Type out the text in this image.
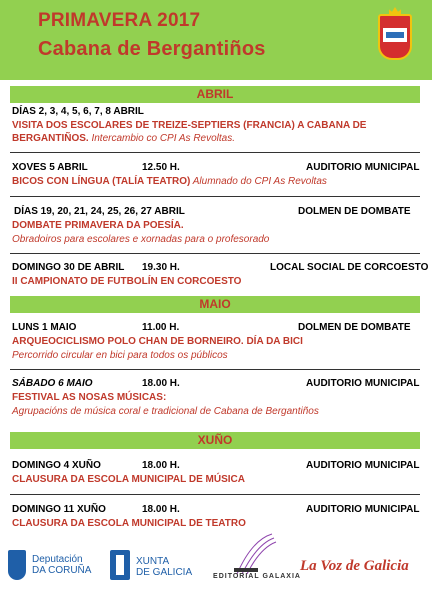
PRIMAVERA 2017
Cabana de Bergantiños
ABRIL
DÍAS 2, 3, 4, 5, 6, 7, 8 ABRIL
VISITA DOS ESCOLARES DE TREIZE-SEPTIERS (FRANCIA) A CABANA DE
BERGANTIÑOS. Intercambio co CPI As Revoltas.
XOVES 5 ABRIL	12.50 H.	AUDITORIO MUNICIPAL
BICOS CON LÍNGUA (TALÍA TEATRO) Alumnado do CPI As Revoltas
DÍAS 19, 20, 21, 24, 25, 26, 27 ABRIL	DOLMEN DE DOMBATE
DOMBATE PRIMAVERA DA POESÍA.
Obradoiros para escolares e xornadas para o profesorado
DOMINGO 30 DE ABRIL 19.30 H.	LOCAL SOCIAL DE CORCOESTO
II CAMPIONATO DE FUTBOLÍN EN CORCOESTO
MAIO
LUNS 1 MAIO	11.00 H.	DOLMEN DE DOMBATE
ARQUEOCICLISMO POLO CHAN DE BORNEIRO. DÍA DA BICI
Percorrido circular en bici para todos os públicos
SÁBADO 6 MAIO	18.00 H.	AUDITORIO MUNICIPAL
FESTIVAL AS NOSAS MÚSICAS:
Agrupacións de música coral e tradicional de Cabana de Bergantiños
XUÑO
DOMINGO 4 XUÑO	18.00 H.	AUDITORIO MUNICIPAL
CLAUSURA DA ESCOLA MUNICIPAL DE MÚSICA
DOMINGO 11 XUÑO	18.00 H.	AUDITORIO MUNICIPAL
CLAUSURA DA ESCOLA MUNICIPAL DE TEATRO
Deputación
DA CORUÑA
XUNTA
DE GALICIA	EDITORIAL GALAXIA
La Voz de Galicia
